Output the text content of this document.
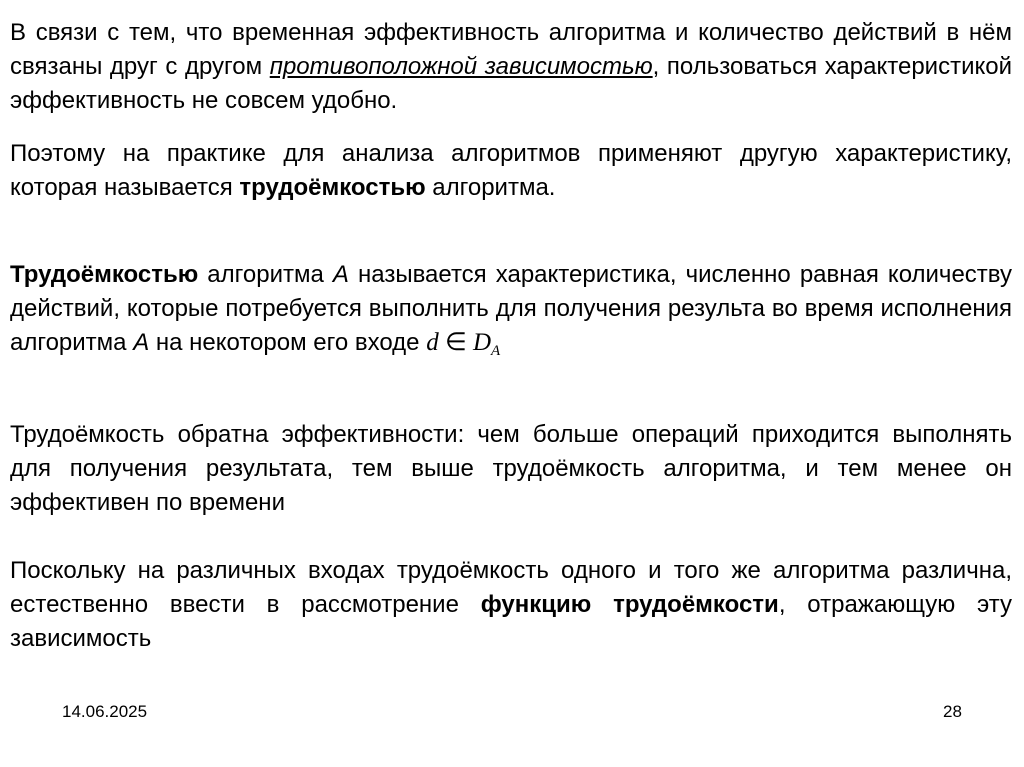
В связи с тем, что временная эффективность алгоритма и количество действий в нём связаны друг с другом противоположной зависимостью, пользоваться характеристикой эффективность не совсем удобно.
Поэтому на практике для анализа алгоритмов применяют другую характеристику, которая называется трудоёмкостью алгоритма.
Трудоёмкостью алгоритма A называется характеристика, численно равная количеству действий, которые потребуется выполнить для получения результа во время исполнения алгоритма A на некотором его входе d ∈ $D_A$
Трудоёмкость обратна эффективности: чем больше операций приходится выполнять для получения результата, тем выше трудоёмкость алгоритма, и тем менее он эффективен по времени
Поскольку на различных входах трудоёмкость одного и того же алгоритма различна, естественно ввести в рассмотрение функцию трудоёмкости, отражающую эту зависимость
14.06.2025	28
